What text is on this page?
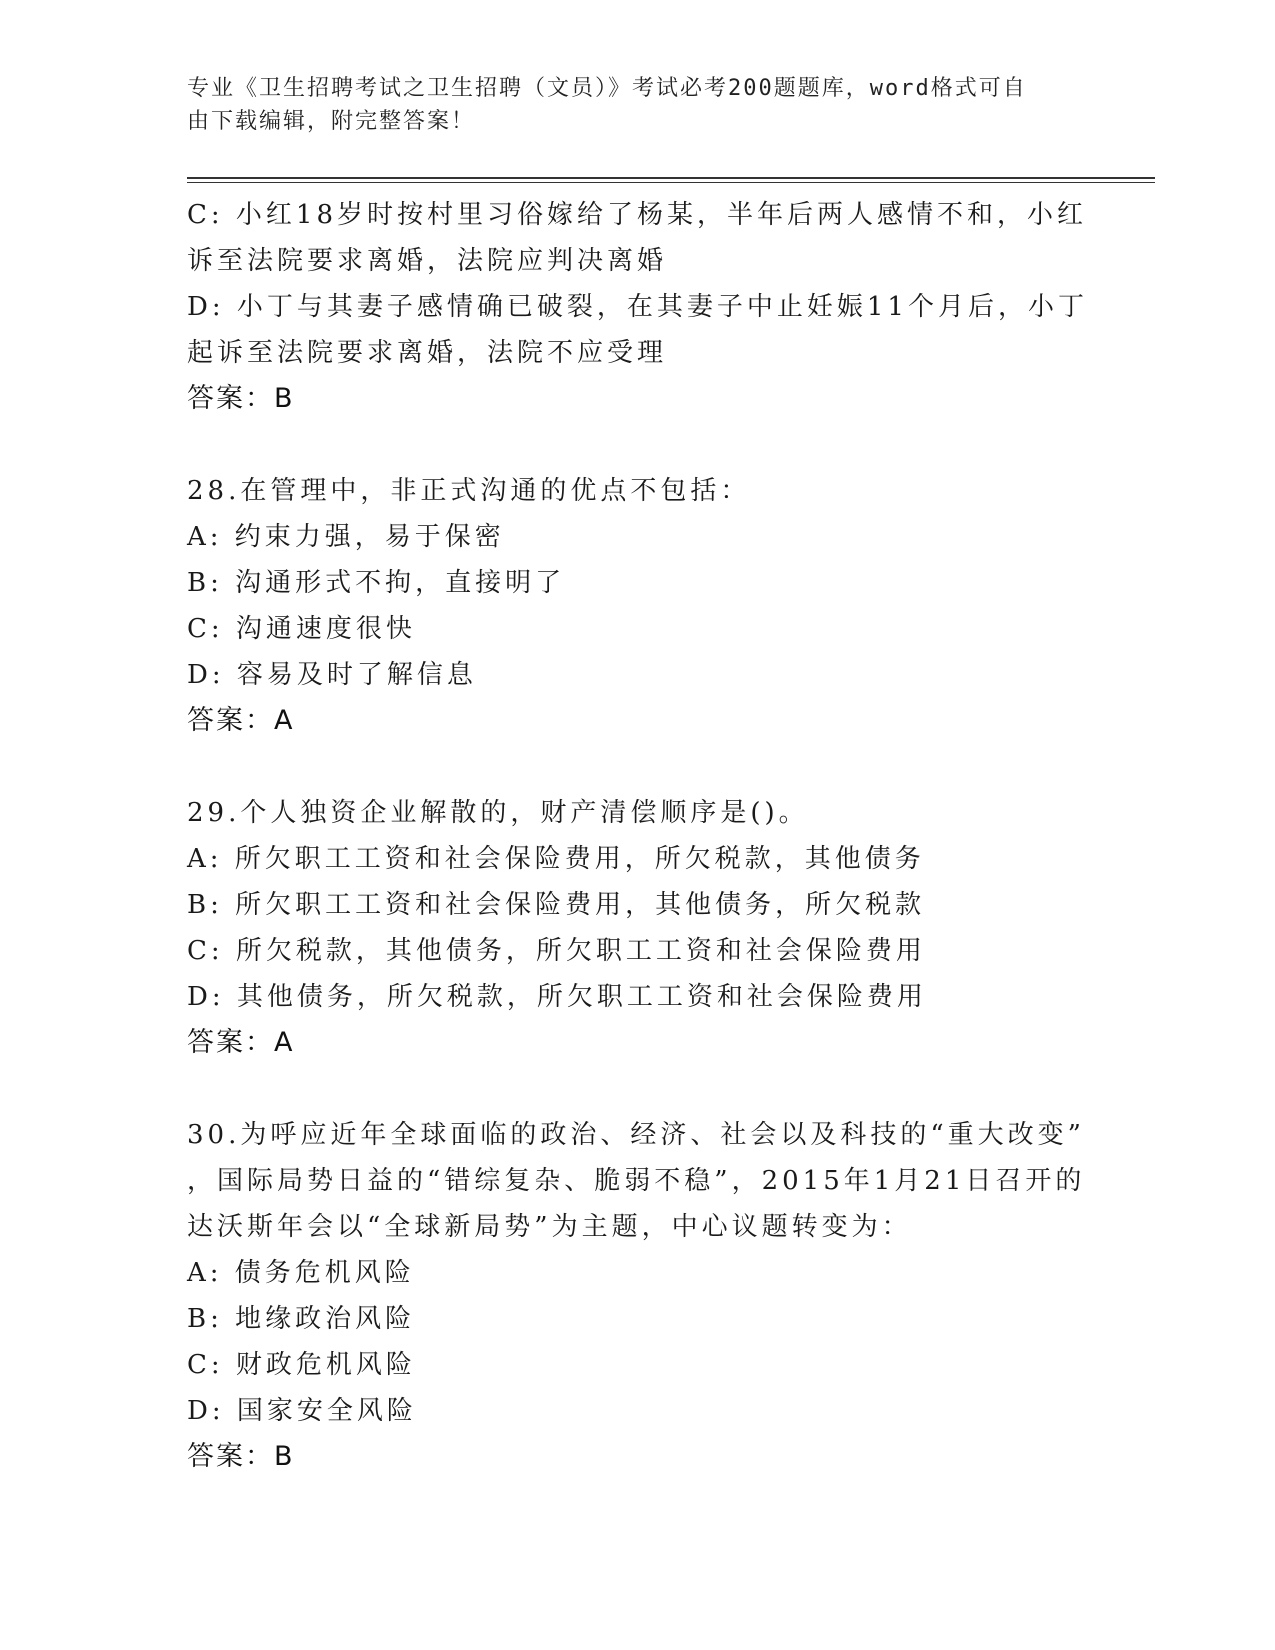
专业《卫生招聘考试之卫生招聘（文员）》考试必考200题题库，word格式可自
由下载编辑，附完整答案！
C: 小红18岁时按村里习俗嫁给了杨某，半年后两人感情不和，小红
诉至法院要求离婚，法院应判决离婚
D: 小丁与其妻子感情确已破裂，在其妻子中止妊娠11个月后，小丁
起诉至法院要求离婚，法院不应受理
答案：B
28.在管理中，非正式沟通的优点不包括：
A: 约束力强，易于保密
B: 沟通形式不拘，直接明了
C: 沟通速度很快
D: 容易及时了解信息
答案：A
29.个人独资企业解散的，财产清偿顺序是()。
A: 所欠职工工资和社会保险费用，所欠税款，其他债务
B: 所欠职工工资和社会保险费用，其他债务，所欠税款
C: 所欠税款，其他债务，所欠职工工资和社会保险费用
D: 其他债务，所欠税款，所欠职工工资和社会保险费用
答案：A
30.为呼应近年全球面临的政治、经济、社会以及科技的“重大改变”
，国际局势日益的“错综复杂、脆弱不稳”，2015年1月21日召开的
达沃斯年会以“全球新局势”为主题，中心议题转变为：
A: 债务危机风险
B: 地缘政治风险
C: 财政危机风险
D: 国家安全风险
答案：B
